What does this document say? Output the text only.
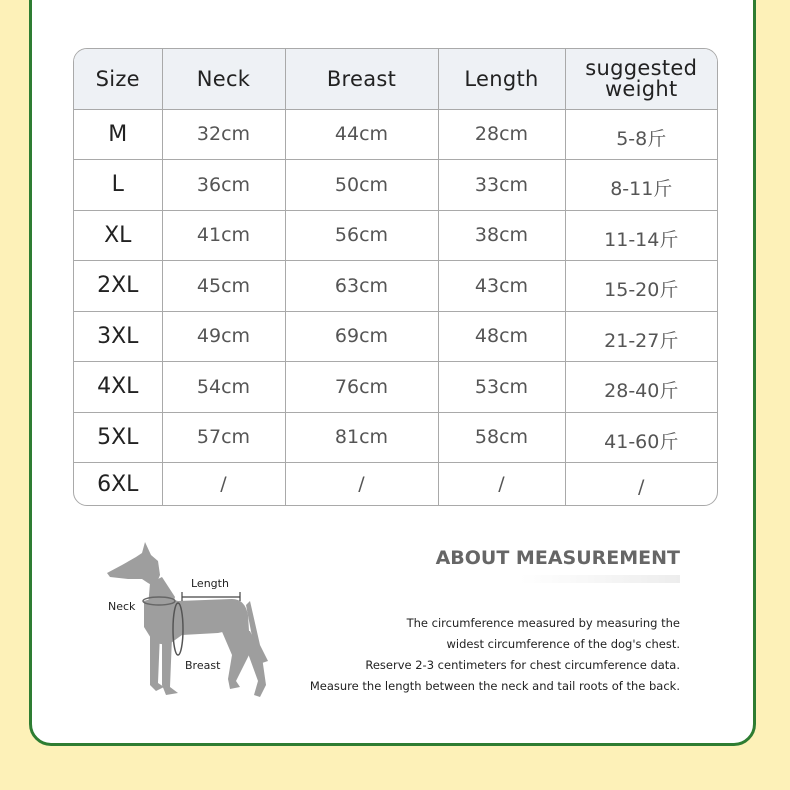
Size	Neck	Breast	Length	suggested
weight

M	32cm	44cm	28cm	5-8斤
L	36cm	50cm	33cm	8-11斤
XL	41cm	56cm	38cm	11-14斤
2XL	45cm	63cm	43cm	15-20斤
3XL	49cm	69cm	48cm	21-27斤
4XL	54cm	76cm	53cm	28-40斤
5XL	57cm	81cm	58cm	41-60斤
6XL	/	/	/	/
Neck
Length
Breast
ABOUT MEASUREMENT
The circumference measured by measuring the
widest circumference of the dog's chest.
Reserve 2-3 centimeters for chest circumference data.
Measure the length between the neck and tail roots of the back.
